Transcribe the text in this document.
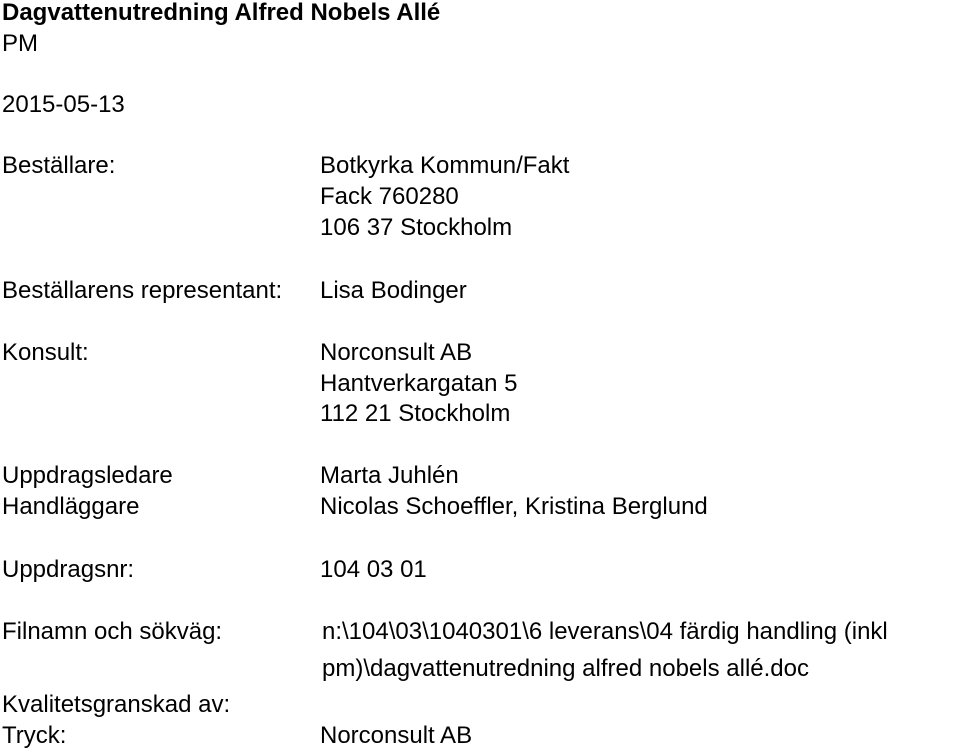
Dagvattenutredning Alfred Nobels Allé
PM
2015-05-13
Beställare:	Botkyrka Kommun/Fakt
Fack 760280
106 37 Stockholm
Beställarens representant: Lisa Bodinger
Konsult:	Norconsult AB
Hantverkargatan 5
112 21 Stockholm
Uppdragsledare	Marta Juhlén
Handläggare	Nicolas Schoeffler, Kristina Berglund
Uppdragsnr:	104 03 01
Filnamn och sökväg:	n:\104\03\1040301\6 leverans\04 färdig handling (inkl
pm)\dagvattenutredning alfred nobels allé.doc
Kvalitetsgranskad av:
Tryck:	Norconsult AB
